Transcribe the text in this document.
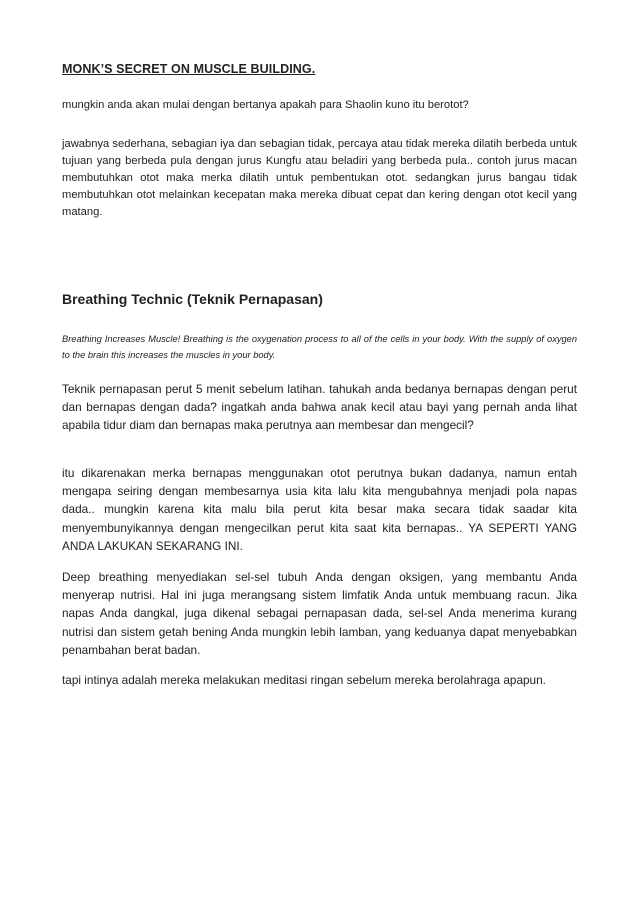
MONK’S SECRET ON MUSCLE BUILDING.

mungkin anda akan mulai dengan bertanya apakah para Shaolin kuno itu berotot?

jawabnya sederhana, sebagian iya dan sebagian tidak, percaya atau tidak mereka dilatih berbeda untuk tujuan yang berbeda pula dengan jurus Kungfu atau beladiri yang berbeda pula.. contoh jurus macan membutuhkan otot maka merka dilatih untuk pembentukan otot. sedangkan jurus bangau tidak membutuhkan otot melainkan kecepatan maka mereka dibuat cepat dan kering dengan otot kecil yang matang.

Breathing Technic (Teknik Pernapasan)

Breathing Increases Muscle! Breathing is the oxygenation process to all of the cells in your body. With the supply of oxygen to the brain this increases the muscles in your body.

Teknik pernapasan perut 5 menit sebelum latihan. tahukah anda bedanya bernapas dengan perut dan bernapas dengan dada? ingatkah anda bahwa anak kecil atau bayi yang pernah anda lihat apabila tidur diam dan bernapas maka perutnya aan membesar dan mengecil?

itu dikarenakan merka bernapas menggunakan otot perutnya bukan dadanya, namun entah mengapa seiring dengan membesarnya usia kita lalu kita mengubahnya menjadi pola napas dada.. mungkin karena kita malu bila perut kita besar maka secara tidak saadar kita menyembunyikannya dengan mengecilkan perut kita saat kita bernapas.. YA SEPERTI YANG ANDA LAKUKAN SEKARANG INI.

Deep breathing menyediakan sel-sel tubuh Anda dengan oksigen, yang membantu Anda menyerap nutrisi. Hal ini juga merangsang sistem limfatik Anda untuk membuang racun. Jika napas Anda dangkal, juga dikenal sebagai pernapasan dada, sel-sel Anda menerima kurang nutrisi dan sistem getah bening Anda mungkin lebih lamban, yang keduanya dapat menyebabkan penambahan berat badan.

tapi intinya adalah mereka melakukan meditasi ringan sebelum mereka berolahraga apapun.
